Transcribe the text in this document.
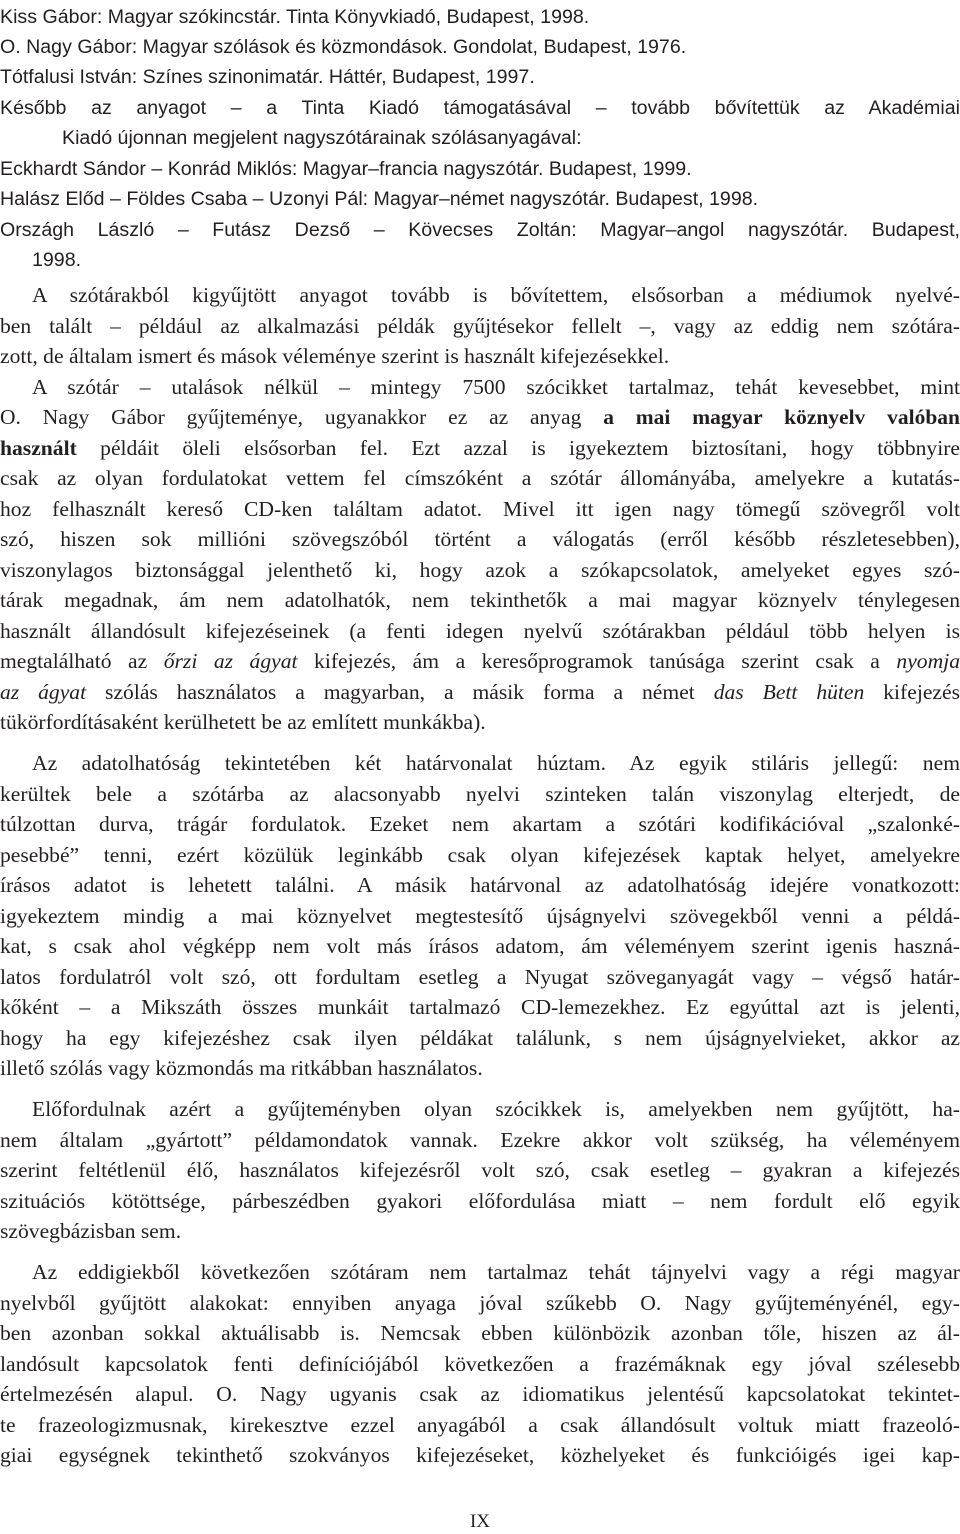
Kiss Gábor: Magyar szókincstár. Tinta Könyvkiadó, Budapest, 1998.
O. Nagy Gábor: Magyar szólások és közmondások. Gondolat, Budapest, 1976.
Tótfalusi István: Színes szinonimatár. Háttér, Budapest, 1997.
Később az anyagot – a Tinta Kiadó támogatásával – tovább bővítettük az Akadémiai
Kiadó újonnan megjelent nagyszótárainak szólásanyagával:
Eckhardt Sándor – Konrád Miklós: Magyar–francia nagyszótár. Budapest, 1999.
Halász Előd – Földes Csaba – Uzonyi Pál: Magyar–német nagyszótár. Budapest, 1998.
Országh László – Futász Dezső – Kövecses Zoltán: Magyar–angol nagyszótár. Budapest,
1998.
A szótárakból kigyűjtött anyagot tovább is bővítettem, elsősorban a médiumok nyelvé-
ben talált – például az alkalmazási példák gyűjtésekor fellelt –, vagy az eddig nem szótára-
zott, de általam ismert és mások véleménye szerint is használt kifejezésekkel.
A szótár – utalások nélkül – mintegy 7500 szócikket tartalmaz, tehát kevesebbet, mint
O. Nagy Gábor gyűjteménye, ugyanakkor ez az anyag a mai magyar köznyelv valóban
használt példáit öleli elsősorban fel. Ezt azzal is igyekeztem biztosítani, hogy többnyire
csak az olyan fordulatokat vettem fel címszóként a szótár állományába, amelyekre a kutatás-
hoz felhasznált kereső CD-ken találtam adatot. Mivel itt igen nagy tömegű szövegről volt
szó, hiszen sok millióni szövegszóból történt a válogatás (erről később részletesebben),
viszonylagos biztonsággal jelenthető ki, hogy azok a szókapcsolatok, amelyeket egyes szó-
tárak megadnak, ám nem adatolhatók, nem tekinthetők a mai magyar köznyelv ténylegesen
használt állandósult kifejezéseinek (a fenti idegen nyelvű szótárakban például több helyen is
megtalálható az őrzi az ágyat kifejezés, ám a keresőprogramok tanúsága szerint csak a nyomja
az ágyat szólás használatos a magyarban, a másik forma a német das Bett hüten kifejezés
tükörfordításaként kerülhetett be az említett munkákba).
Az adatolhatóság tekintetében két határvonalat húztam. Az egyik stiláris jellegű: nem
kerültek bele a szótárba az alacsonyabb nyelvi szinteken talán viszonylag elterjedt, de
túlzottan durva, trágár fordulatok. Ezeket nem akartam a szótári kodifikációval „szalonké-
pesebbé” tenni, ezért közülük leginkább csak olyan kifejezések kaptak helyet, amelyekre
írásos adatot is lehetett találni. A másik határvonal az adatolhatóság idejére vonatkozott:
igyekeztem mindig a mai köznyelvet megtestesítő újságnyelvi szövegekből venni a példá-
kat, s csak ahol végképp nem volt más írásos adatom, ám véleményem szerint igenis haszná-
latos fordulatról volt szó, ott fordultam esetleg a Nyugat szöveganyagát vagy – végső határ-
kőként – a Mikszáth összes munkáit tartalmazó CD-lemezekhez. Ez egyúttal azt is jelenti,
hogy ha egy kifejezéshez csak ilyen példákat találunk, s nem újságnyelvieket, akkor az
illető szólás vagy közmondás ma ritkábban használatos.
Előfordulnak azért a gyűjteményben olyan szócikkek is, amelyekben nem gyűjtött, ha-
nem általam „gyártott” példamondatok vannak. Ezekre akkor volt szükség, ha véleményem
szerint feltétlenül élő, használatos kifejezésről volt szó, csak esetleg – gyakran a kifejezés
szituációs kötöttsége, párbeszédben gyakori előfordulása miatt – nem fordult elő egyik
szövegbázisban sem.
Az eddigiekből következően szótáram nem tartalmaz tehát tájnyelvi vagy a régi magyar
nyelvből gyűjtött alakokat: ennyiben anyaga jóval szűkebb O. Nagy gyűjteményénél, egy-
ben azonban sokkal aktuálisabb is. Nemcsak ebben különbözik azonban tőle, hiszen az ál-
landósult kapcsolatok fenti definíciójából következően a frazémáknak egy jóval szélesebb
értelmezésén alapul. O. Nagy ugyanis csak az idiomatikus jelentésű kapcsolatokat tekintet-
te frazeologizmusnak, kirekesztve ezzel anyagából a csak állandósult voltuk miatt frazeoló-
giai egységnek tekinthető szokványos kifejezéseket, közhelyeket és funkcióigés igei kap-
IX
